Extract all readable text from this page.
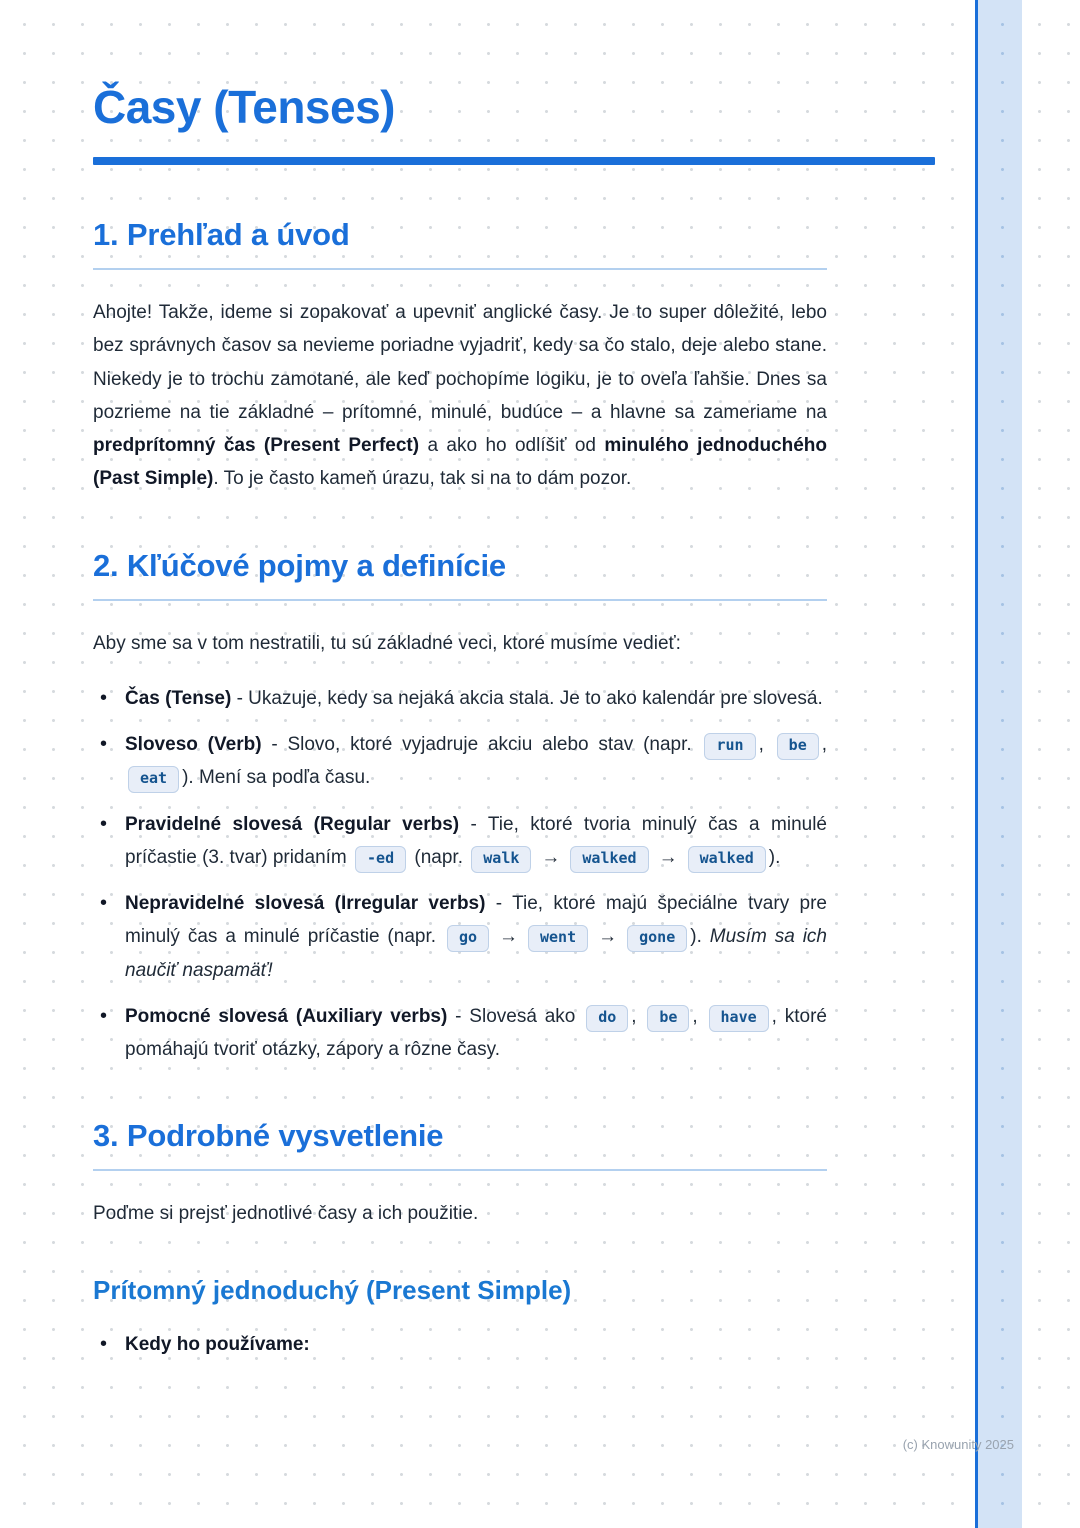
Časy (Tenses)
1. Prehľad a úvod

Ahojte! Takže, ideme si zopakovať a upevniť anglické časy. Je to super dôležité, lebo bez správnych časov sa nevieme poriadne vyjadriť, kedy sa čo stalo, deje alebo stane. Niekedy je to trochu zamotané, ale keď pochopíme logiku, je to oveľa ľahšie. Dnes sa pozrieme na tie základné – prítomné, minulé, budúce – a hlavne sa zameriame na predprítomný čas (Present Perfect) a ako ho odlíšiť od minulého jednoduchého (Past Simple). To je často kameň úrazu, tak si na to dám pozor.

2. Kľúčové pojmy a definície

Aby sme sa v tom nestratili, tu sú základné veci, ktoré musíme vedieť:

• Čas (Tense) - Ukazuje, kedy sa nejaká akcia stala. Je to ako kalendár pre slovesá.
• Sloveso (Verb) - Slovo, ktoré vyjadruje akciu alebo stav (napr. run , be , eat ). Mení sa podľa času.
• Pravidelné slovesá (Regular verbs) - Tie, ktoré tvoria minulý čas a minulé príčastie (3. tvar) pridaním -ed (napr. walk → walked → walked ).
• Nepravidelné slovesá (Irregular verbs) - Tie, ktoré majú špeciálne tvary pre minulý čas a minulé príčastie (napr. go → went → gone ). Musím sa ich naučiť naspamäť!
• Pomocné slovesá (Auxiliary verbs) - Slovesá ako do , be , have , ktoré pomáhajú tvoriť otázky, zápory a rôzne časy.
3. Podrobné vysvetlenie

Poďme si prejsť jednotlivé časy a ich použitie.

Prítomný jednoduchý (Present Simple)
• Kedy ho používame:
(c) Knowunity 2025
